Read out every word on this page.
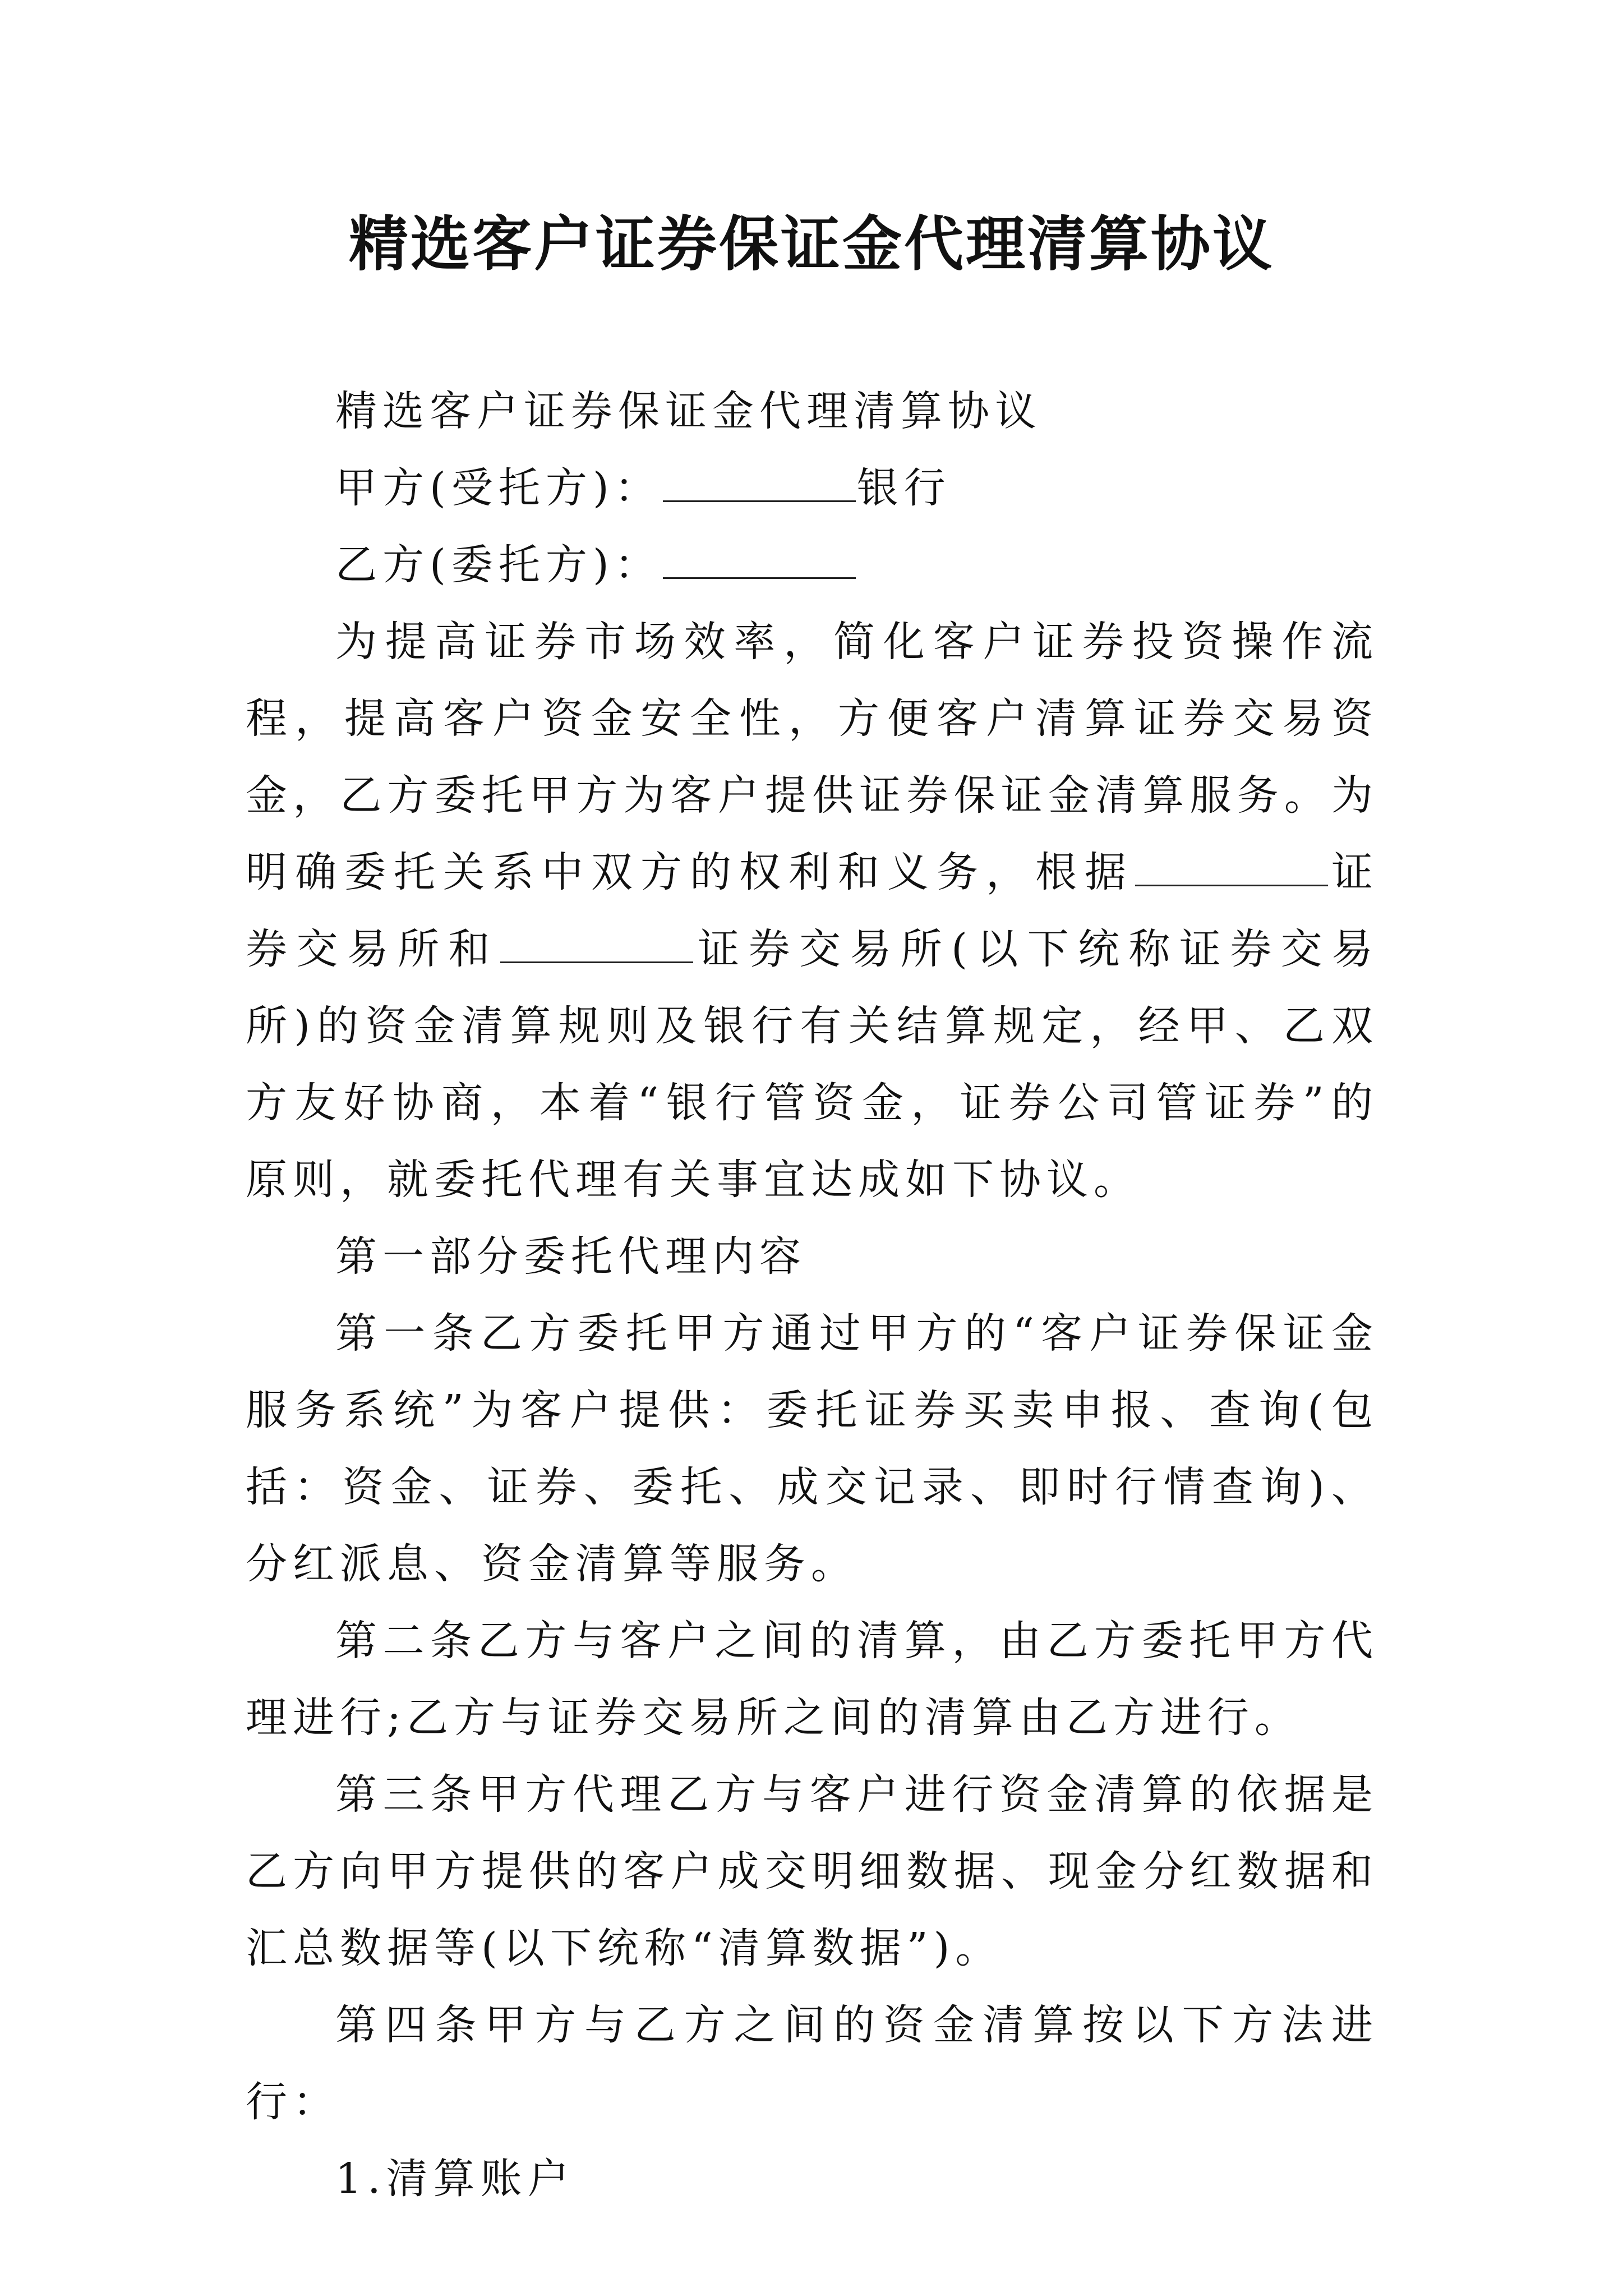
精选客户证券保证金代理清算协议

精选客户证券保证金代理清算协议

甲方(受托方)：	银行

乙方(委托方)：

为提高证券市场效率，简化客户证券投资操作流程，提高客户资金安全性，方便客户清算证券交易资金，乙方委托甲方为客户提供证券保证金清算服务。为明确委托关系中双方的权利和义务，根据	证券交易所和	证券交易所(以下统称证券交易所)的资金清算规则及银行有关结算规定，经甲、乙双方友好协商，本着“银行管资金，证券公司管证券”的原则，就委托代理有关事宜达成如下协议。

第一部分委托代理内容

第一条乙方委托甲方通过甲方的“客户证券保证金服务系统”为客户提供：委托证券买卖申报、查询(包括：资金、证券、委托、成交记录、即时行情查询)、分红派息、资金清算等服务。

第二条乙方与客户之间的清算，由乙方委托甲方代理进行;乙方与证券交易所之间的清算由乙方进行。

第三条甲方代理乙方与客户进行资金清算的依据是乙方向甲方提供的客户成交明细数据、现金分红数据和汇总数据等(以下统称“清算数据”)。

第四条甲方与乙方之间的资金清算按以下方法进行：

1.清算账户
